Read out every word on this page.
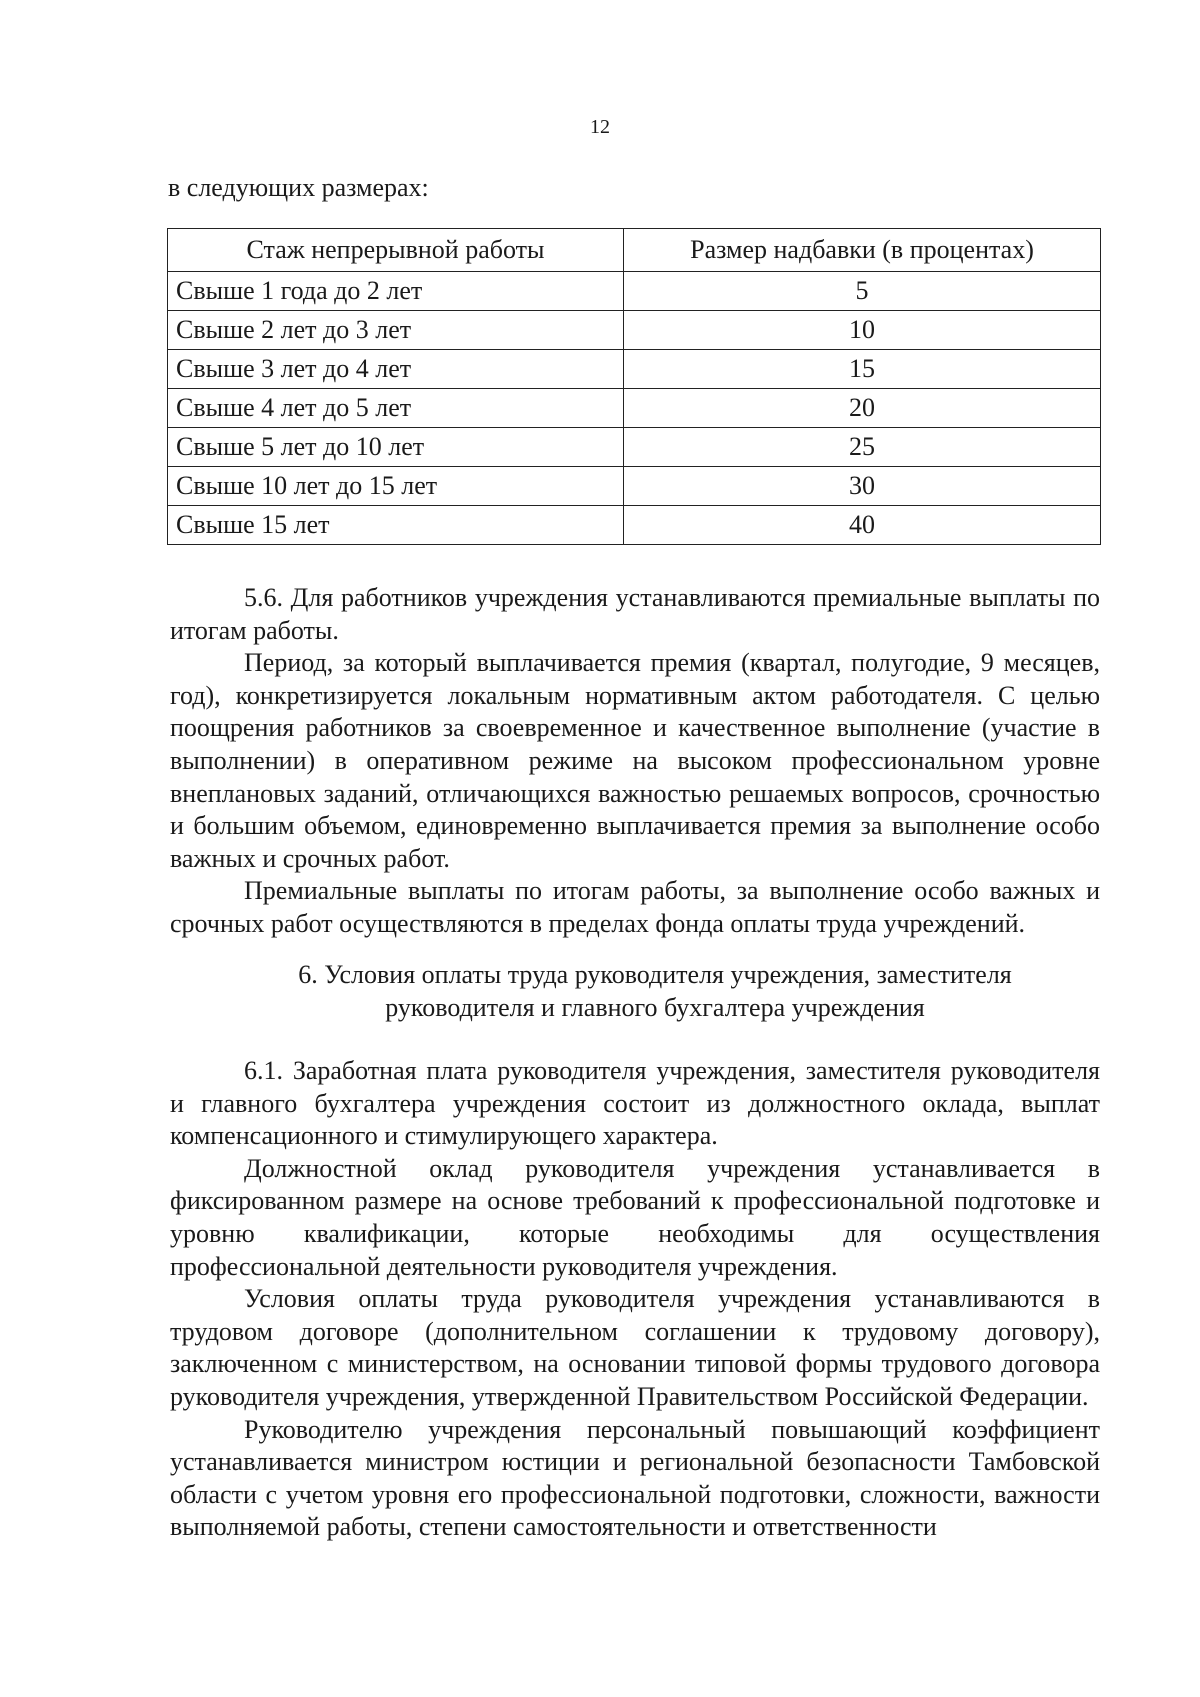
12
в следующих размерах:
Стаж непрерывной работы	Размер надбавки (в процентах)
Свыше 1 года до 2 лет	5
Свыше 2 лет до 3 лет	10
Свыше 3 лет до 4 лет	15
Свыше 4 лет до 5 лет	20
Свыше 5 лет до 10 лет	25
Свыше 10 лет до 15 лет	30
Свыше 15 лет	40

5.6. Для работников учреждения устанавливаются премиальные выплаты по итогам работы.

Период, за который выплачивается премия (квартал, полугодие, 9 месяцев, год), конкретизируется локальным нормативным актом работодателя. С целью поощрения работников за своевременное и качественное выполнение (участие в выполнении) в оперативном режиме на высоком профессиональном уровне внеплановых заданий, отличающихся важностью решаемых вопросов, срочностью и большим объемом, единовременно выплачивается премия за выполнение особо важных и срочных работ.

Премиальные выплаты по итогам работы, за выполнение особо важных и срочных работ осуществляются в пределах фонда оплаты труда учреждений.

6. Условия оплаты труда руководителя учреждения, заместителя
руководителя и главного бухгалтера учреждения

6.1. Заработная плата руководителя учреждения, заместителя руководителя и главного бухгалтера учреждения состоит из должностного оклада, выплат компенсационного и стимулирующего характера.

Должностной оклад руководителя учреждения устанавливается в фиксированном размере на основе требований к профессиональной подготовке и уровню квалификации, которые необходимы для осуществления профессиональной деятельности руководителя учреждения.

Условия оплаты труда руководителя учреждения устанавливаются в трудовом договоре (дополнительном соглашении к трудовому договору), заключенном с министерством, на основании типовой формы трудового договора руководителя учреждения, утвержденной Правительством Российской Федерации.

Руководителю учреждения персональный повышающий коэффициент устанавливается министром юстиции и региональной безопасности Тамбовской области с учетом уровня его профессиональной подготовки, сложности, важности выполняемой работы, степени самостоятельности и ответственности
